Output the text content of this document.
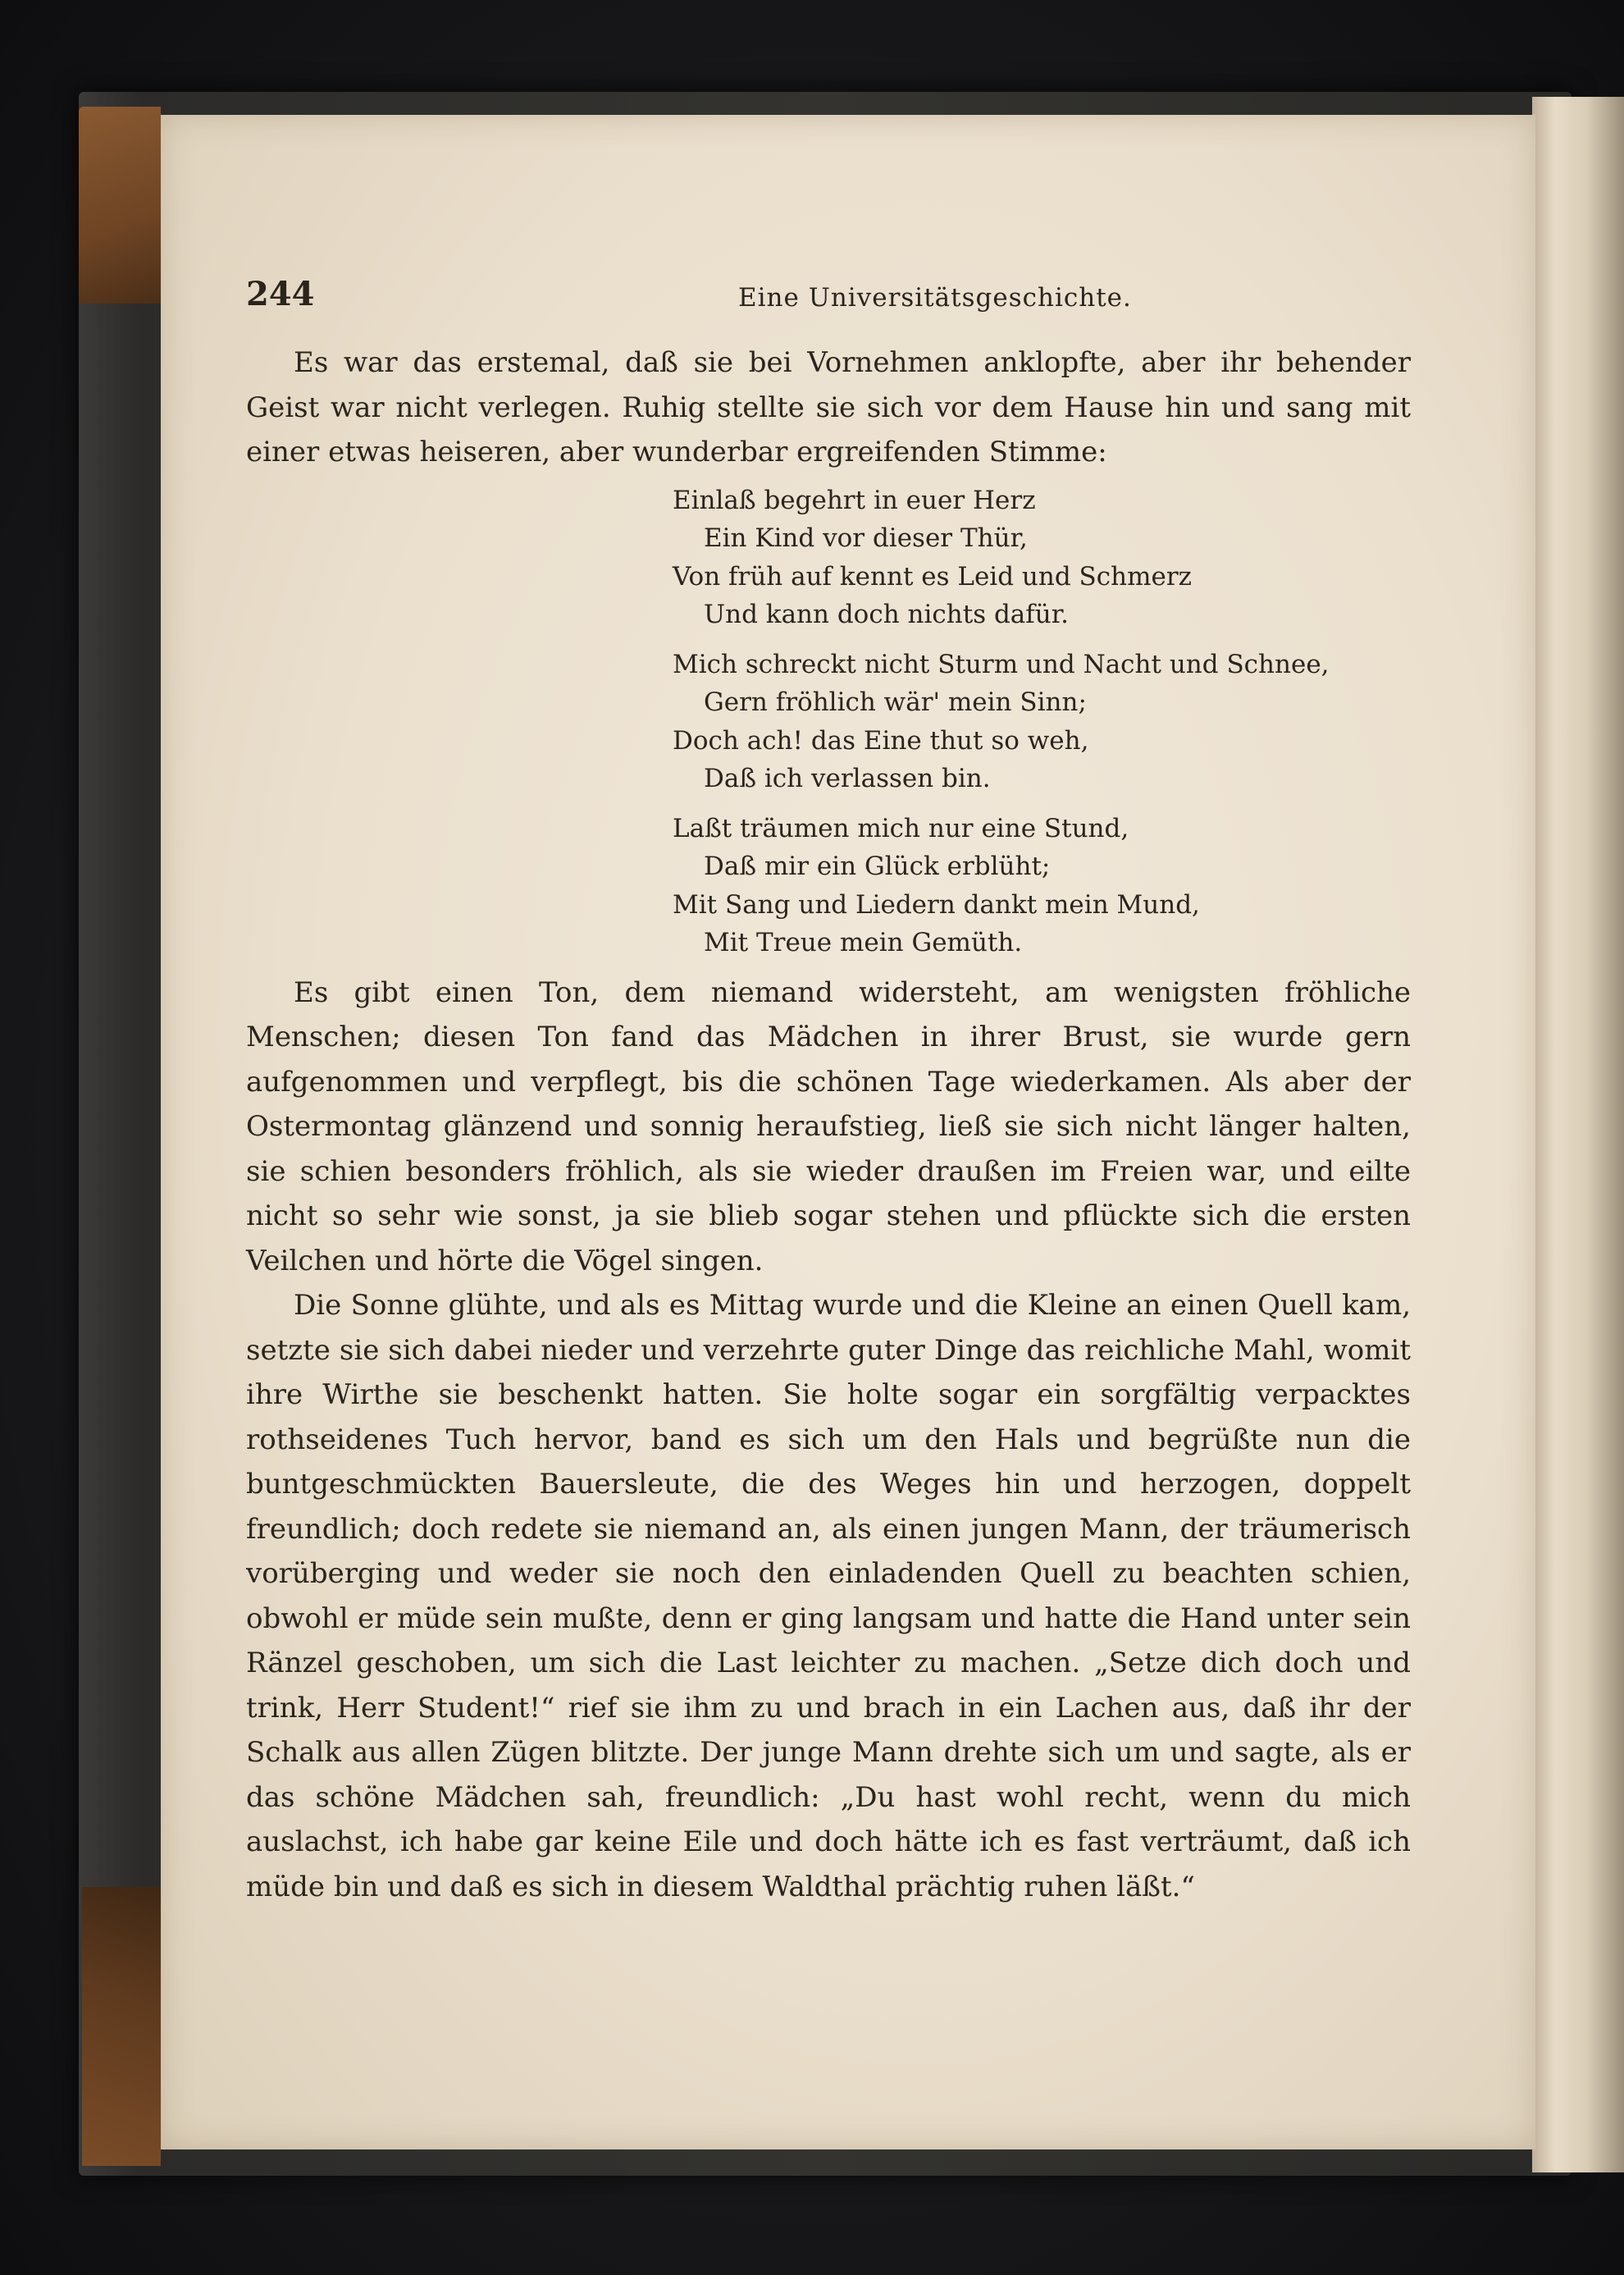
244	Eine Universitätsgeschichte.

Es war das erstemal, daß sie bei Vornehmen anklopfte, aber ihr behender Geist war nicht verlegen. Ruhig stellte sie sich vor dem Hause hin und sang mit einer etwas heiseren, aber wunderbar ergreifenden Stimme:

Einlaß begehrt in euer Herz
Ein Kind vor dieser Thür,
Von früh auf kennt es Leid und Schmerz
Und kann doch nichts dafür.
Mich schreckt nicht Sturm und Nacht und Schnee,
Gern fröhlich wär' mein Sinn;
Doch ach! das Eine thut so weh,
Daß ich verlassen bin.
Laßt träumen mich nur eine Stund,
Daß mir ein Glück erblüht;
Mit Sang und Liedern dankt mein Mund,
Mit Treue mein Gemüth.

Es gibt einen Ton, dem niemand widersteht, am wenigsten fröhliche Menschen; diesen Ton fand das Mädchen in ihrer Brust, sie wurde gern aufgenommen und verpflegt, bis die schönen Tage wiederkamen. Als aber der Ostermontag glänzend und sonnig heraufstieg, ließ sie sich nicht länger halten, sie schien besonders fröhlich, als sie wieder draußen im Freien war, und eilte nicht so sehr wie sonst, ja sie blieb sogar stehen und pflückte sich die ersten Veilchen und hörte die Vögel singen.

Die Sonne glühte, und als es Mittag wurde und die Kleine an einen Quell kam, setzte sie sich dabei nieder und verzehrte guter Dinge das reichliche Mahl, womit ihre Wirthe sie beschenkt hatten. Sie holte sogar ein sorgfältig verpacktes rothseidenes Tuch hervor, band es sich um den Hals und begrüßte nun die buntgeschmückten Bauersleute, die des Weges hin und herzogen, doppelt freundlich; doch redete sie niemand an, als einen jungen Mann, der träumerisch vorüberging und weder sie noch den einladenden Quell zu beachten schien, obwohl er müde sein mußte, denn er ging langsam und hatte die Hand unter sein Ränzel geschoben, um sich die Last leichter zu machen. „Setze dich doch und trink, Herr Student!“ rief sie ihm zu und brach in ein Lachen aus, daß ihr der Schalk aus allen Zügen blitzte. Der junge Mann drehte sich um und sagte, als er das schöne Mädchen sah, freundlich: „Du hast wohl recht, wenn du mich auslachst, ich habe gar keine Eile und doch hätte ich es fast verträumt, daß ich müde bin und daß es sich in diesem Waldthal prächtig ruhen läßt.“
